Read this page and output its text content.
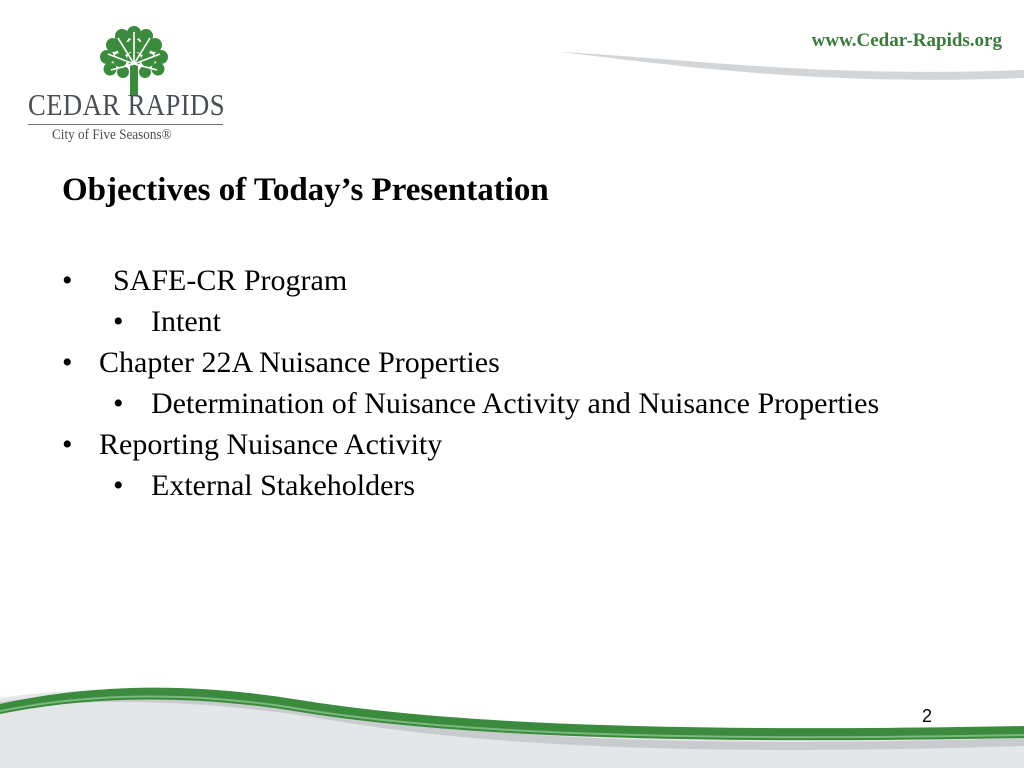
CEDAR RAPIDS
City of Five Seasons®
www.Cedar-Rapids.org
Objectives of Today’s Presentation
•	SAFE-CR Program
• Intent
• Chapter 22A Nuisance Properties
• Determination of Nuisance Activity and Nuisance Properties
• Reporting Nuisance Activity
• External Stakeholders
2
